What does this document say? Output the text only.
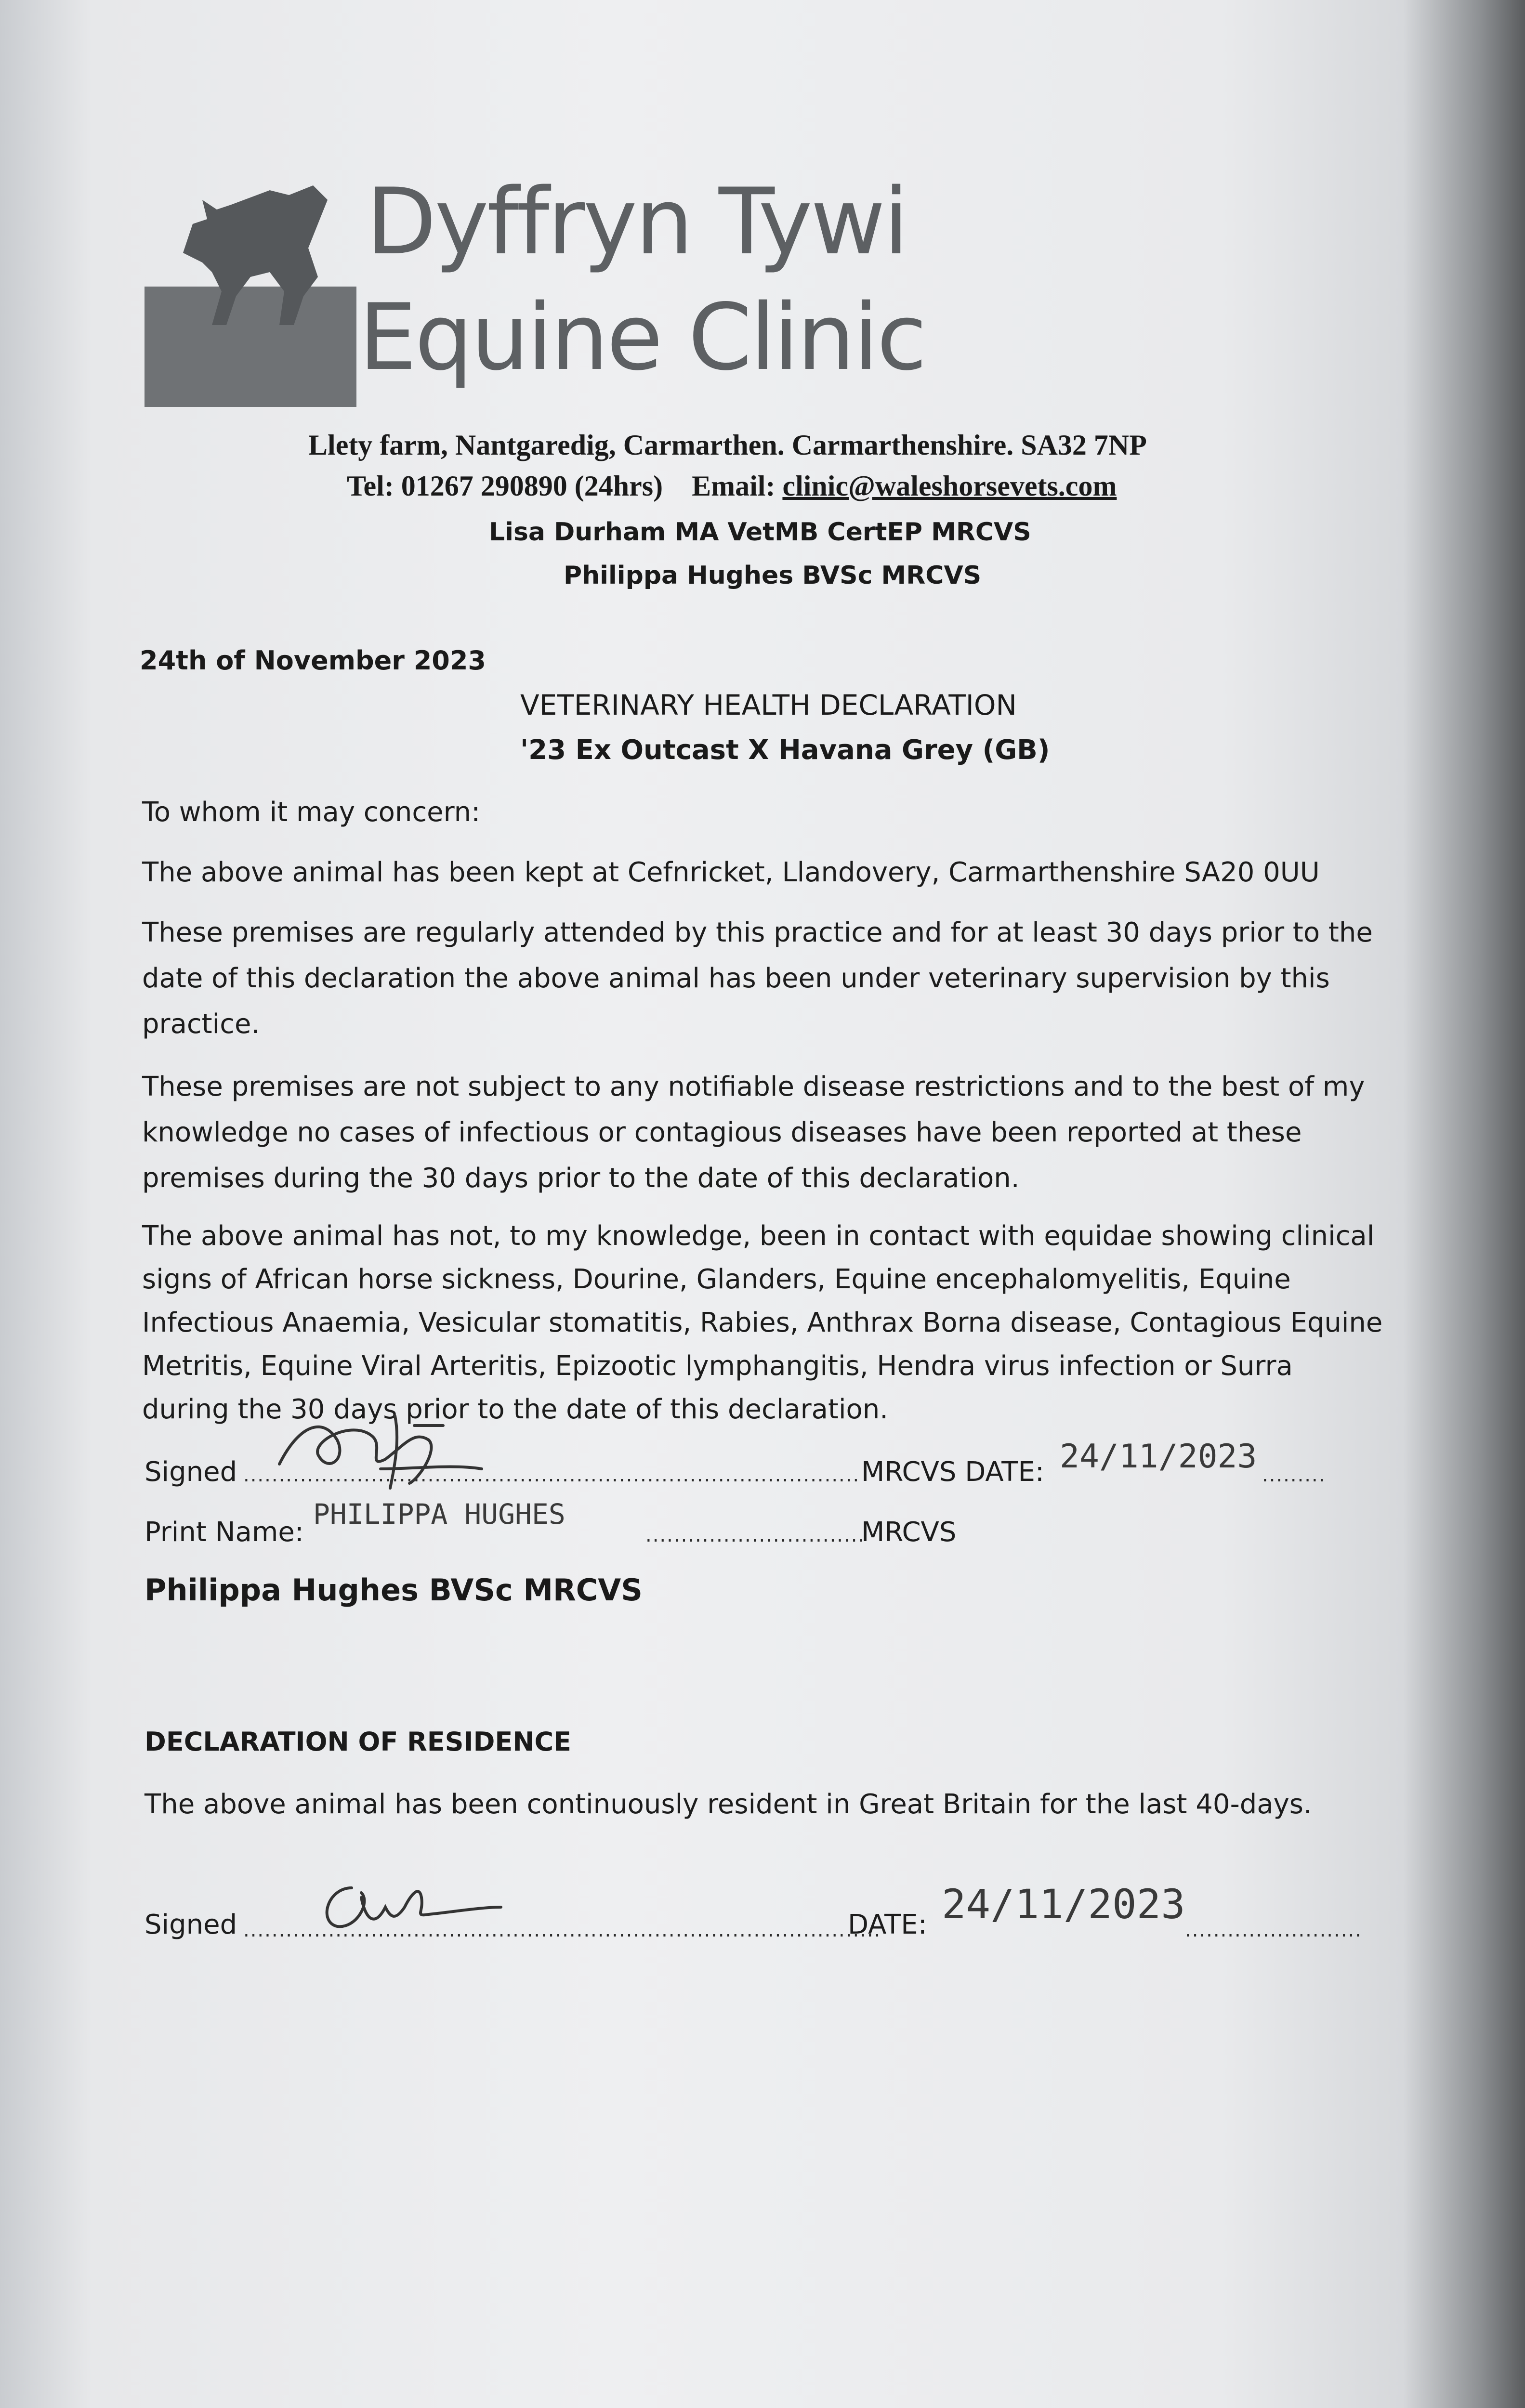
Dyffryn Tywi
Equine Clinic
Llety farm, Nantgaredig, Carmarthen. Carmarthenshire. SA32 7NP
Tel: 01267 290890 (24hrs) Email: clinic@waleshorsevets.com
Lisa Durham MA VetMB CertEP MRCVS
Philippa Hughes BVSc MRCVS
24th of November 2023
VETERINARY HEALTH DECLARATION
'23 Ex Outcast X Havana Grey (GB)
To whom it may concern:
The above animal has been kept at Cefnricket, Llandovery, Carmarthenshire SA20 0UU
These premises are regularly attended by this practice and for at least 30 days prior to the
date of this declaration the above animal has been under veterinary supervision by this
practice.
These premises are not subject to any notifiable disease restrictions and to the best of my
knowledge no cases of infectious or contagious diseases have been reported at these
premises during the 30 days prior to the date of this declaration.
The above animal has not, to my knowledge, been in contact with equidae showing clinical
signs of African horse sickness, Dourine, Glanders, Equine encephalomyelitis, Equine
Infectious Anaemia, Vesicular stomatitis, Rabies, Anthrax Borna disease, Contagious Equine
Metritis, Equine Viral Arteritis, Epizootic lymphangitis, Hendra virus infection or Surra
during the 30 days prior to the date of this declaration.
Signed ....................................................................................... MRCVS DATE: 24/11/2023 .........
Print Name:
PHILIPPA HUGHES
...............................
MRCVS
Philippa Hughes BVSc MRCVS
DECLARATION OF RESIDENCE
The above animal has been continuously resident in Great Britain for the last 40-days.
Signed ..........................................................................................
DATE: 24/11/2023
.........................
